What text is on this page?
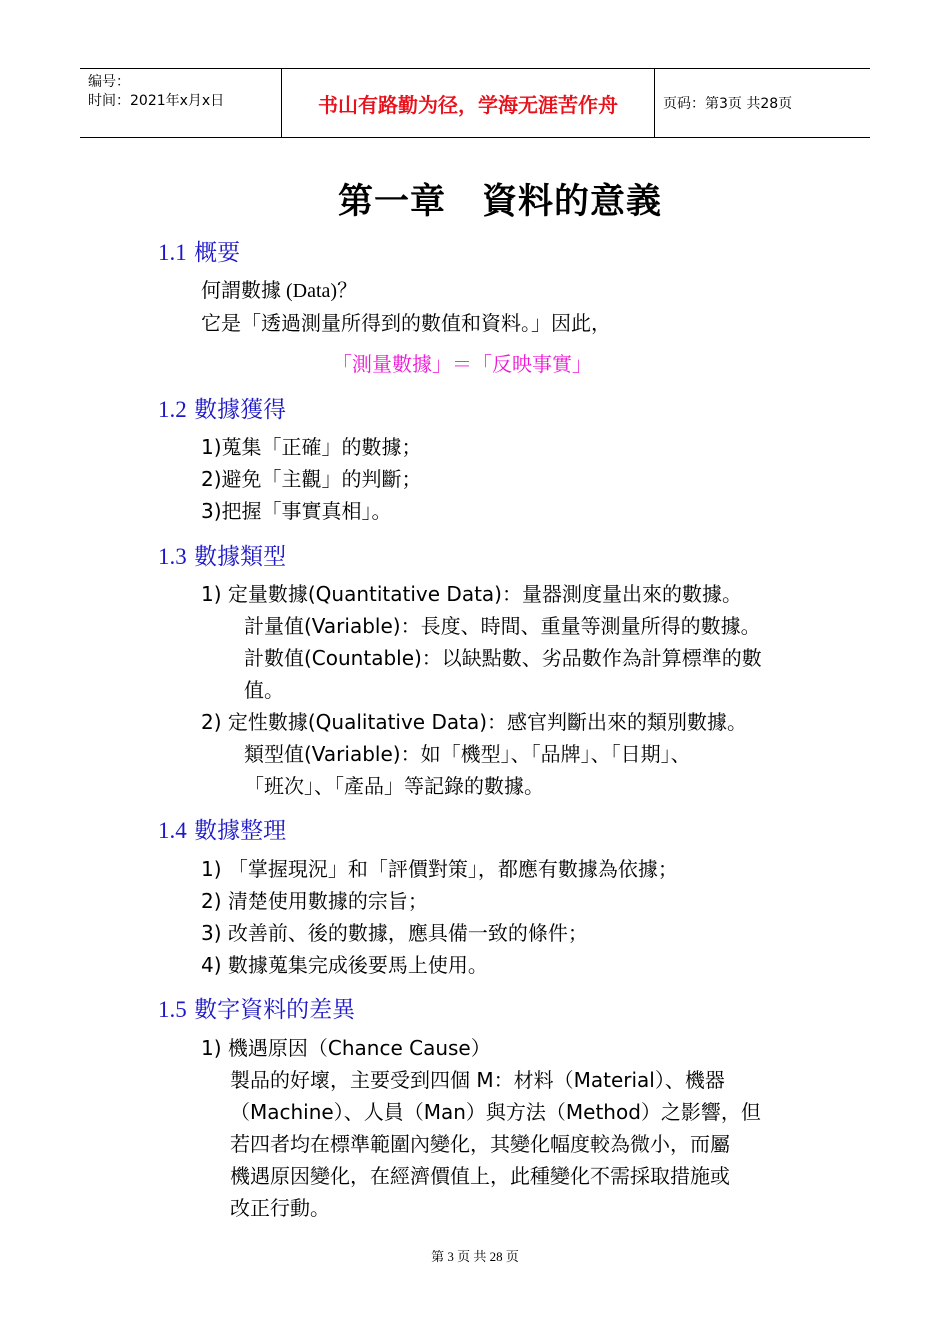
编号：
时间：2021年x月x日	书山有路勤为径，学海无涯苦作舟	页码：第3页 共28页
第一章　資料的意義
1.1 概要
何謂數據 (Data)？
它是「透過測量所得到的數值和資料。」因此，
「測量數據」＝「反映事實」
1.2 數據獲得
1)蒐集「正確」的數據；
2)避免「主觀」的判斷；
3)把握「事實真相」。
1.3 數據類型
1) 定量數據(Quantitative Data)：量器測度量出來的數據。
計量值(Variable)：長度、時間、重量等測量所得的數據。
計數值(Countable)：以缺點數、劣品數作為計算標準的數
值。
2) 定性數據(Qualitative Data)：感官判斷出來的類別數據。
類型值(Variable)：如「機型」、「品牌」、「日期」、
「班次」、「產品」等記錄的數據。
1.4 數據整理
1) 「掌握現況」和「評價對策」，都應有數據為依據；
2) 清楚使用數據的宗旨；
3) 改善前、後的數據，應具備一致的條件；
4) 數據蒐集完成後要馬上使用。
1.5 數字資料的差異
1) 機遇原因（Chance Cause）
製品的好壞，主要受到四個 M：材料（Material）、機器
（Machine）、人員（Man）與方法（Method）之影響，但
若四者均在標準範圍內變化，其變化幅度較為微小，而屬
機遇原因變化，在經濟價值上，此種變化不需採取措施或
改正行動。
第 3 页 共 28 页
